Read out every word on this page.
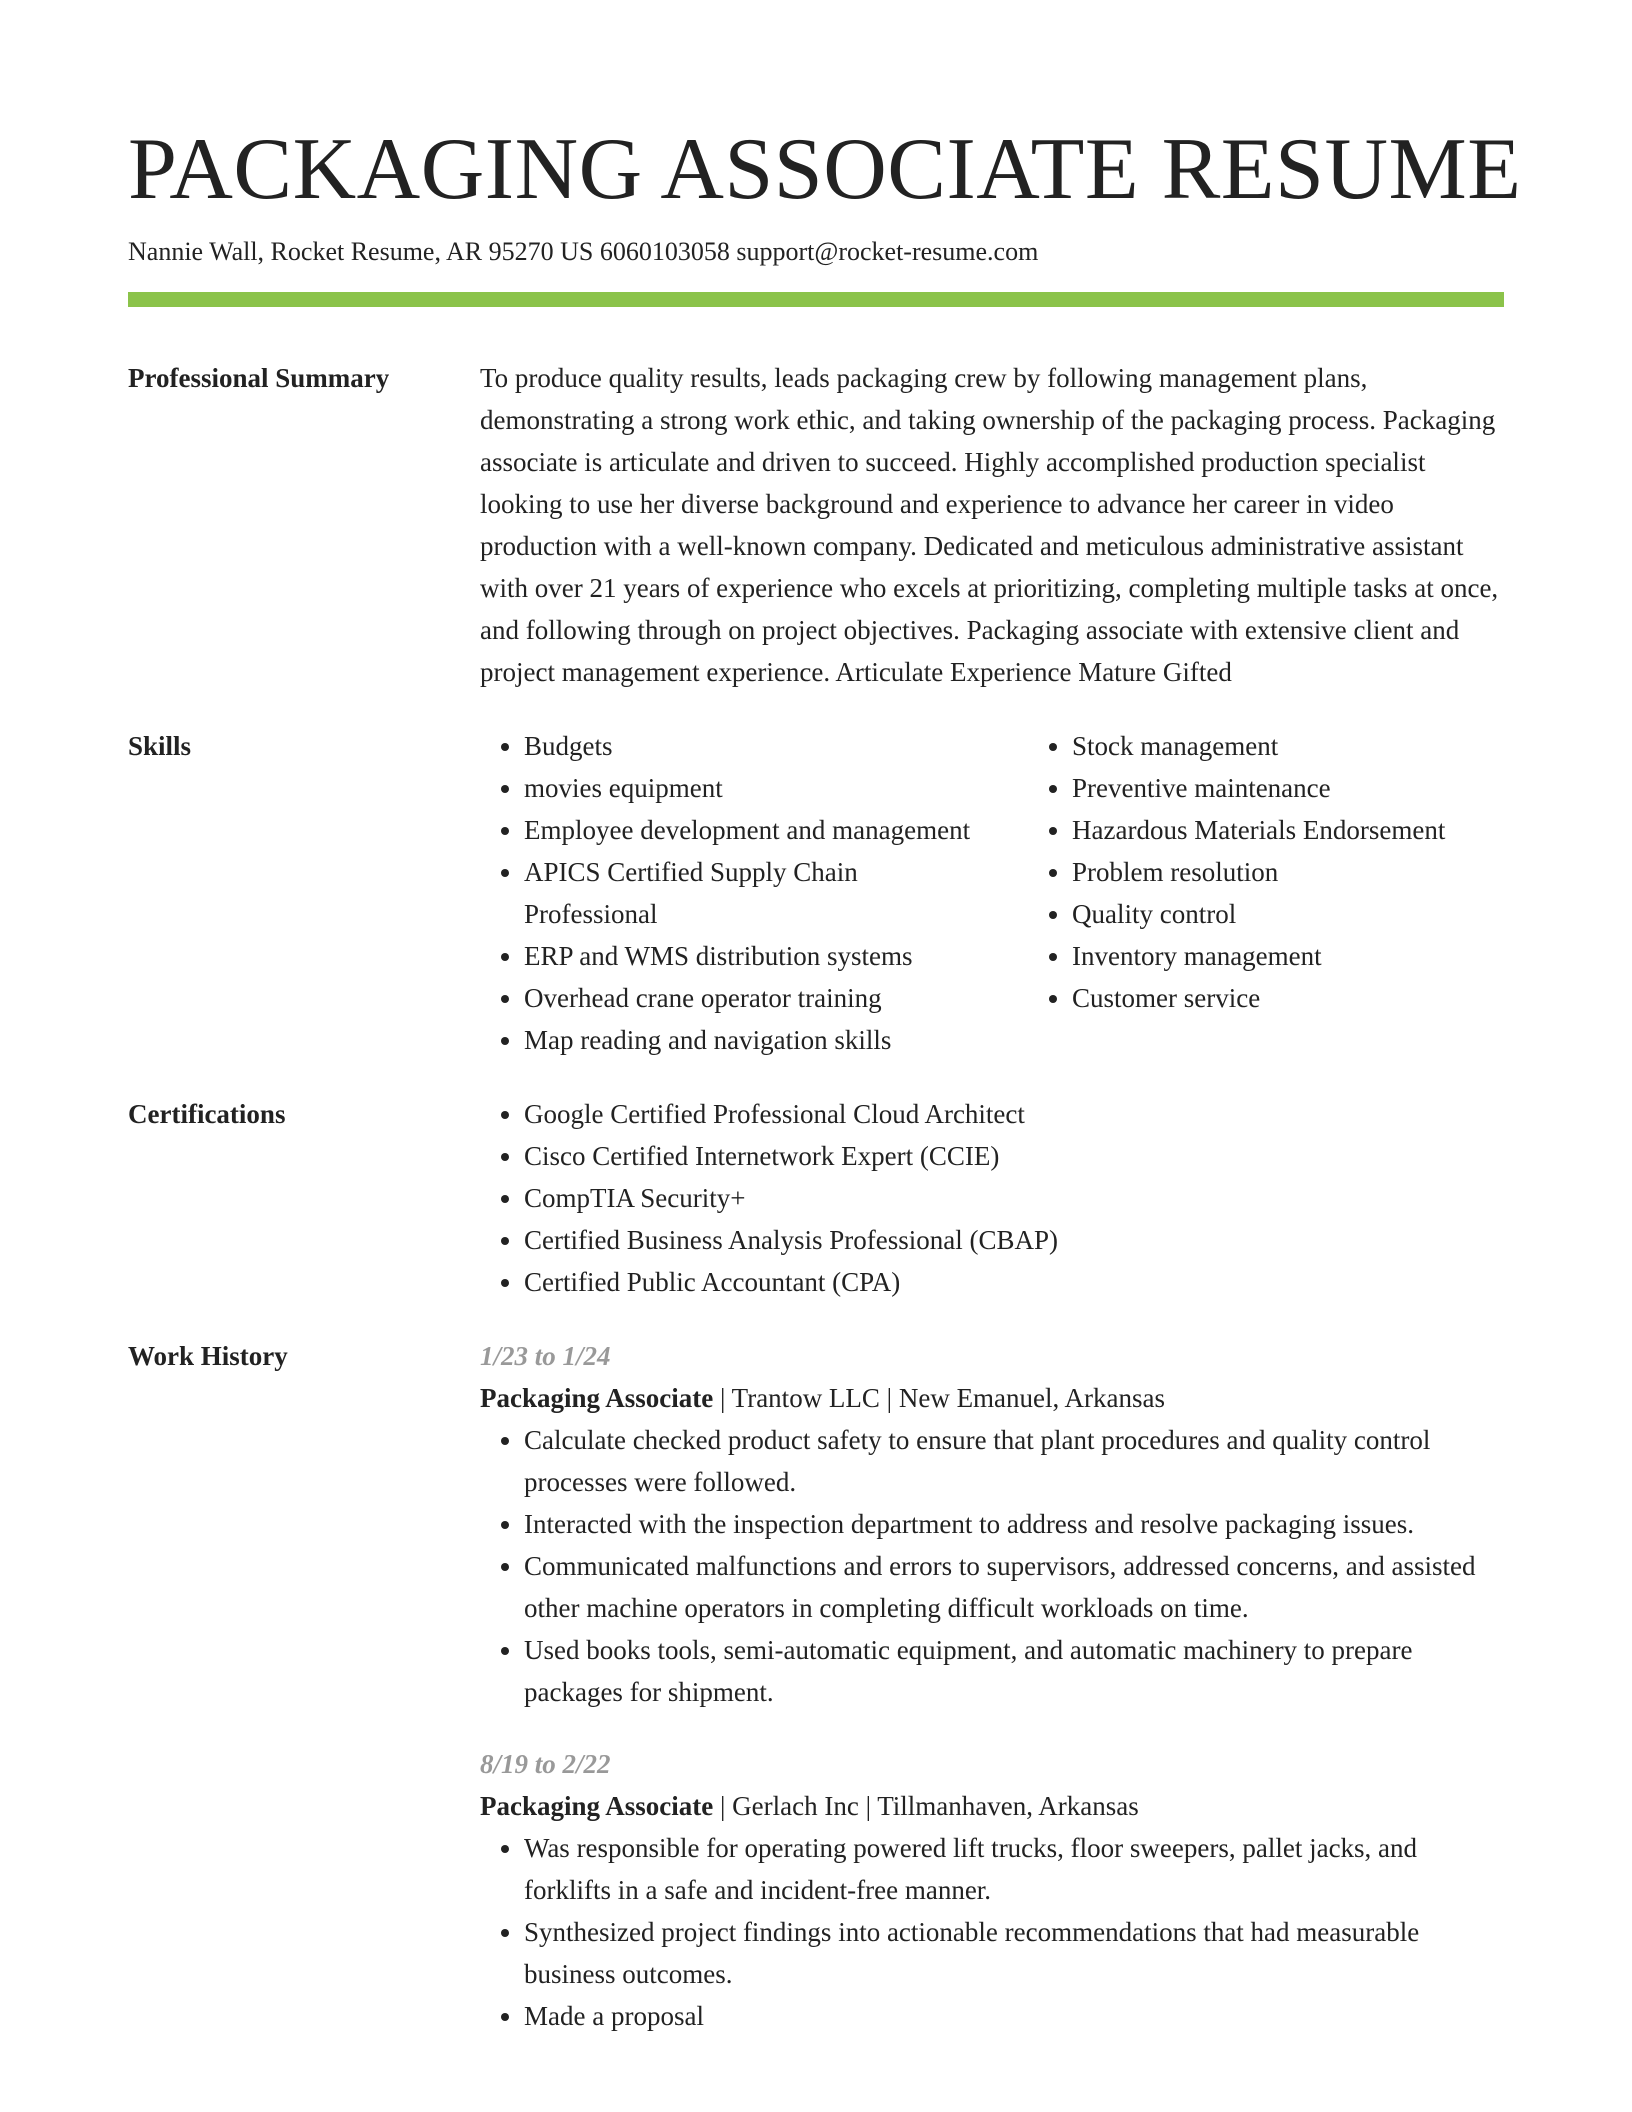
PACKAGING ASSOCIATE RESUME
Nannie Wall, Rocket Resume, AR 95270 US 6060103058 support@rocket-resume.com
Professional Summary	To produce quality results, leads packaging crew by following management plans, demonstrating a strong work ethic, and taking ownership of the packaging process. Packaging associate is articulate and driven to succeed. Highly accomplished production specialist looking to use her diverse background and experience to advance her career in video production with a well-known company. Dedicated and meticulous administrative assistant with over 21 years of experience who excels at prioritizing, completing multiple tasks at once, and following through on project objectives. Packaging associate with extensive client and project management experience. Articulate Experience Mature Gifted
Skills	• Budgets
• movies equipment
• Employee development and management
• APICS Certified Supply Chain Professional
• ERP and WMS distribution systems
• Overhead crane operator training
• Map reading and navigation skills
• Stock management
• Preventive maintenance
• Hazardous Materials Endorsement
• Problem resolution
• Quality control
• Inventory management
• Customer service
Certifications	• Google Certified Professional Cloud Architect
• Cisco Certified Internetwork Expert (CCIE)
• CompTIA Security+
• Certified Business Analysis Professional (CBAP)
• Certified Public Accountant (CPA)
Work History	1/23 to 1/24
Packaging Associate | Trantow LLC | New Emanuel, Arkansas
• Calculate checked product safety to ensure that plant procedures and quality control processes were followed.
• Interacted with the inspection department to address and resolve packaging issues.
• Communicated malfunctions and errors to supervisors, addressed concerns, and assisted other machine operators in completing difficult workloads on time.
• Used books tools, semi-automatic equipment, and automatic machinery to prepare packages for shipment.
8/19 to 2/22
Packaging Associate | Gerlach Inc | Tillmanhaven, Arkansas
• Was responsible for operating powered lift trucks, floor sweepers, pallet jacks, and forklifts in a safe and incident-free manner.
• Synthesized project findings into actionable recommendations that had measurable business outcomes.
• Made a proposal
